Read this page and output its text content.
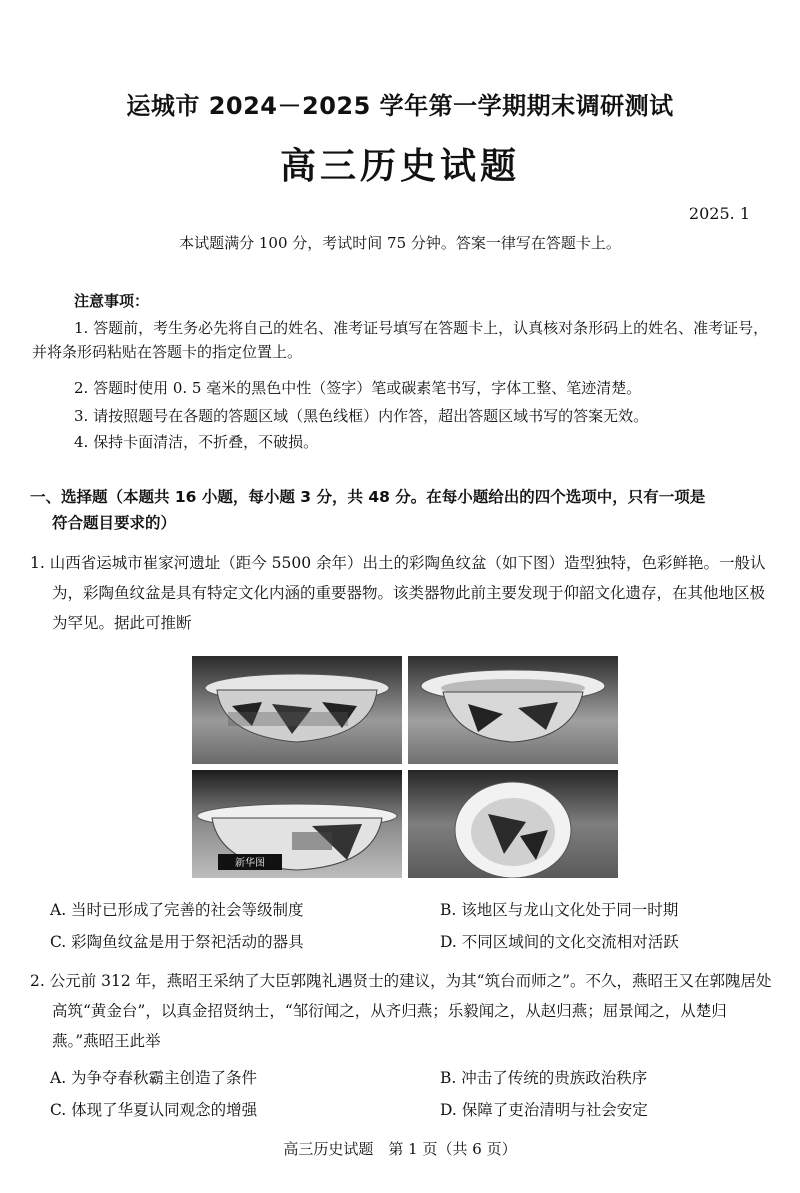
运城市 2024－2025 学年第一学期期末调研测试
高三历史试题
2025. 1
本试题满分 100 分，考试时间 75 分钟。答案一律写在答题卡上。
注意事项：
1. 答题前，考生务必先将自己的姓名、准考证号填写在答题卡上，认真核对条形码上的姓名、准考证号，并将条形码粘贴在答题卡的指定位置上。
2. 答题时使用 0. 5 毫米的黑色中性（签字）笔或碳素笔书写，字体工整、笔迹清楚。
3. 请按照题号在各题的答题区域（黑色线框）内作答，超出答题区域书写的答案无效。
4. 保持卡面清洁，不折叠，不破损。
一、选择题（本题共 16 小题，每小题 3 分，共 48 分。在每小题给出的四个选项中，只有一项是
符合题目要求的）
1. 山西省运城市崔家河遗址（距今 5500 余年）出土的彩陶鱼纹盆（如下图）造型独特，色彩鲜艳。一般认为，彩陶鱼纹盆是具有特定文化内涵的重要器物。该类器物此前主要发现于仰韶文化遗存，在其他地区极为罕见。据此可推断
新华图
A. 当时已形成了完善的社会等级制度	B. 该地区与龙山文化处于同一时期
C. 彩陶鱼纹盆是用于祭祀活动的器具	D. 不同区域间的文化交流相对活跃
2. 公元前 312 年，燕昭王采纳了大臣郭隗礼遇贤士的建议，为其“筑台而师之”。不久，燕昭王又在郭隗居处高筑“黄金台”，以真金招贤纳士，“邹衍闻之，从齐归燕；乐毅闻之，从赵归燕；屈景闻之，从楚归燕。”燕昭王此举
A. 为争夺春秋霸主创造了条件	B. 冲击了传统的贵族政治秩序
C. 体现了华夏认同观念的增强	D. 保障了吏治清明与社会安定
高三历史试题　第 1 页（共 6 页）
